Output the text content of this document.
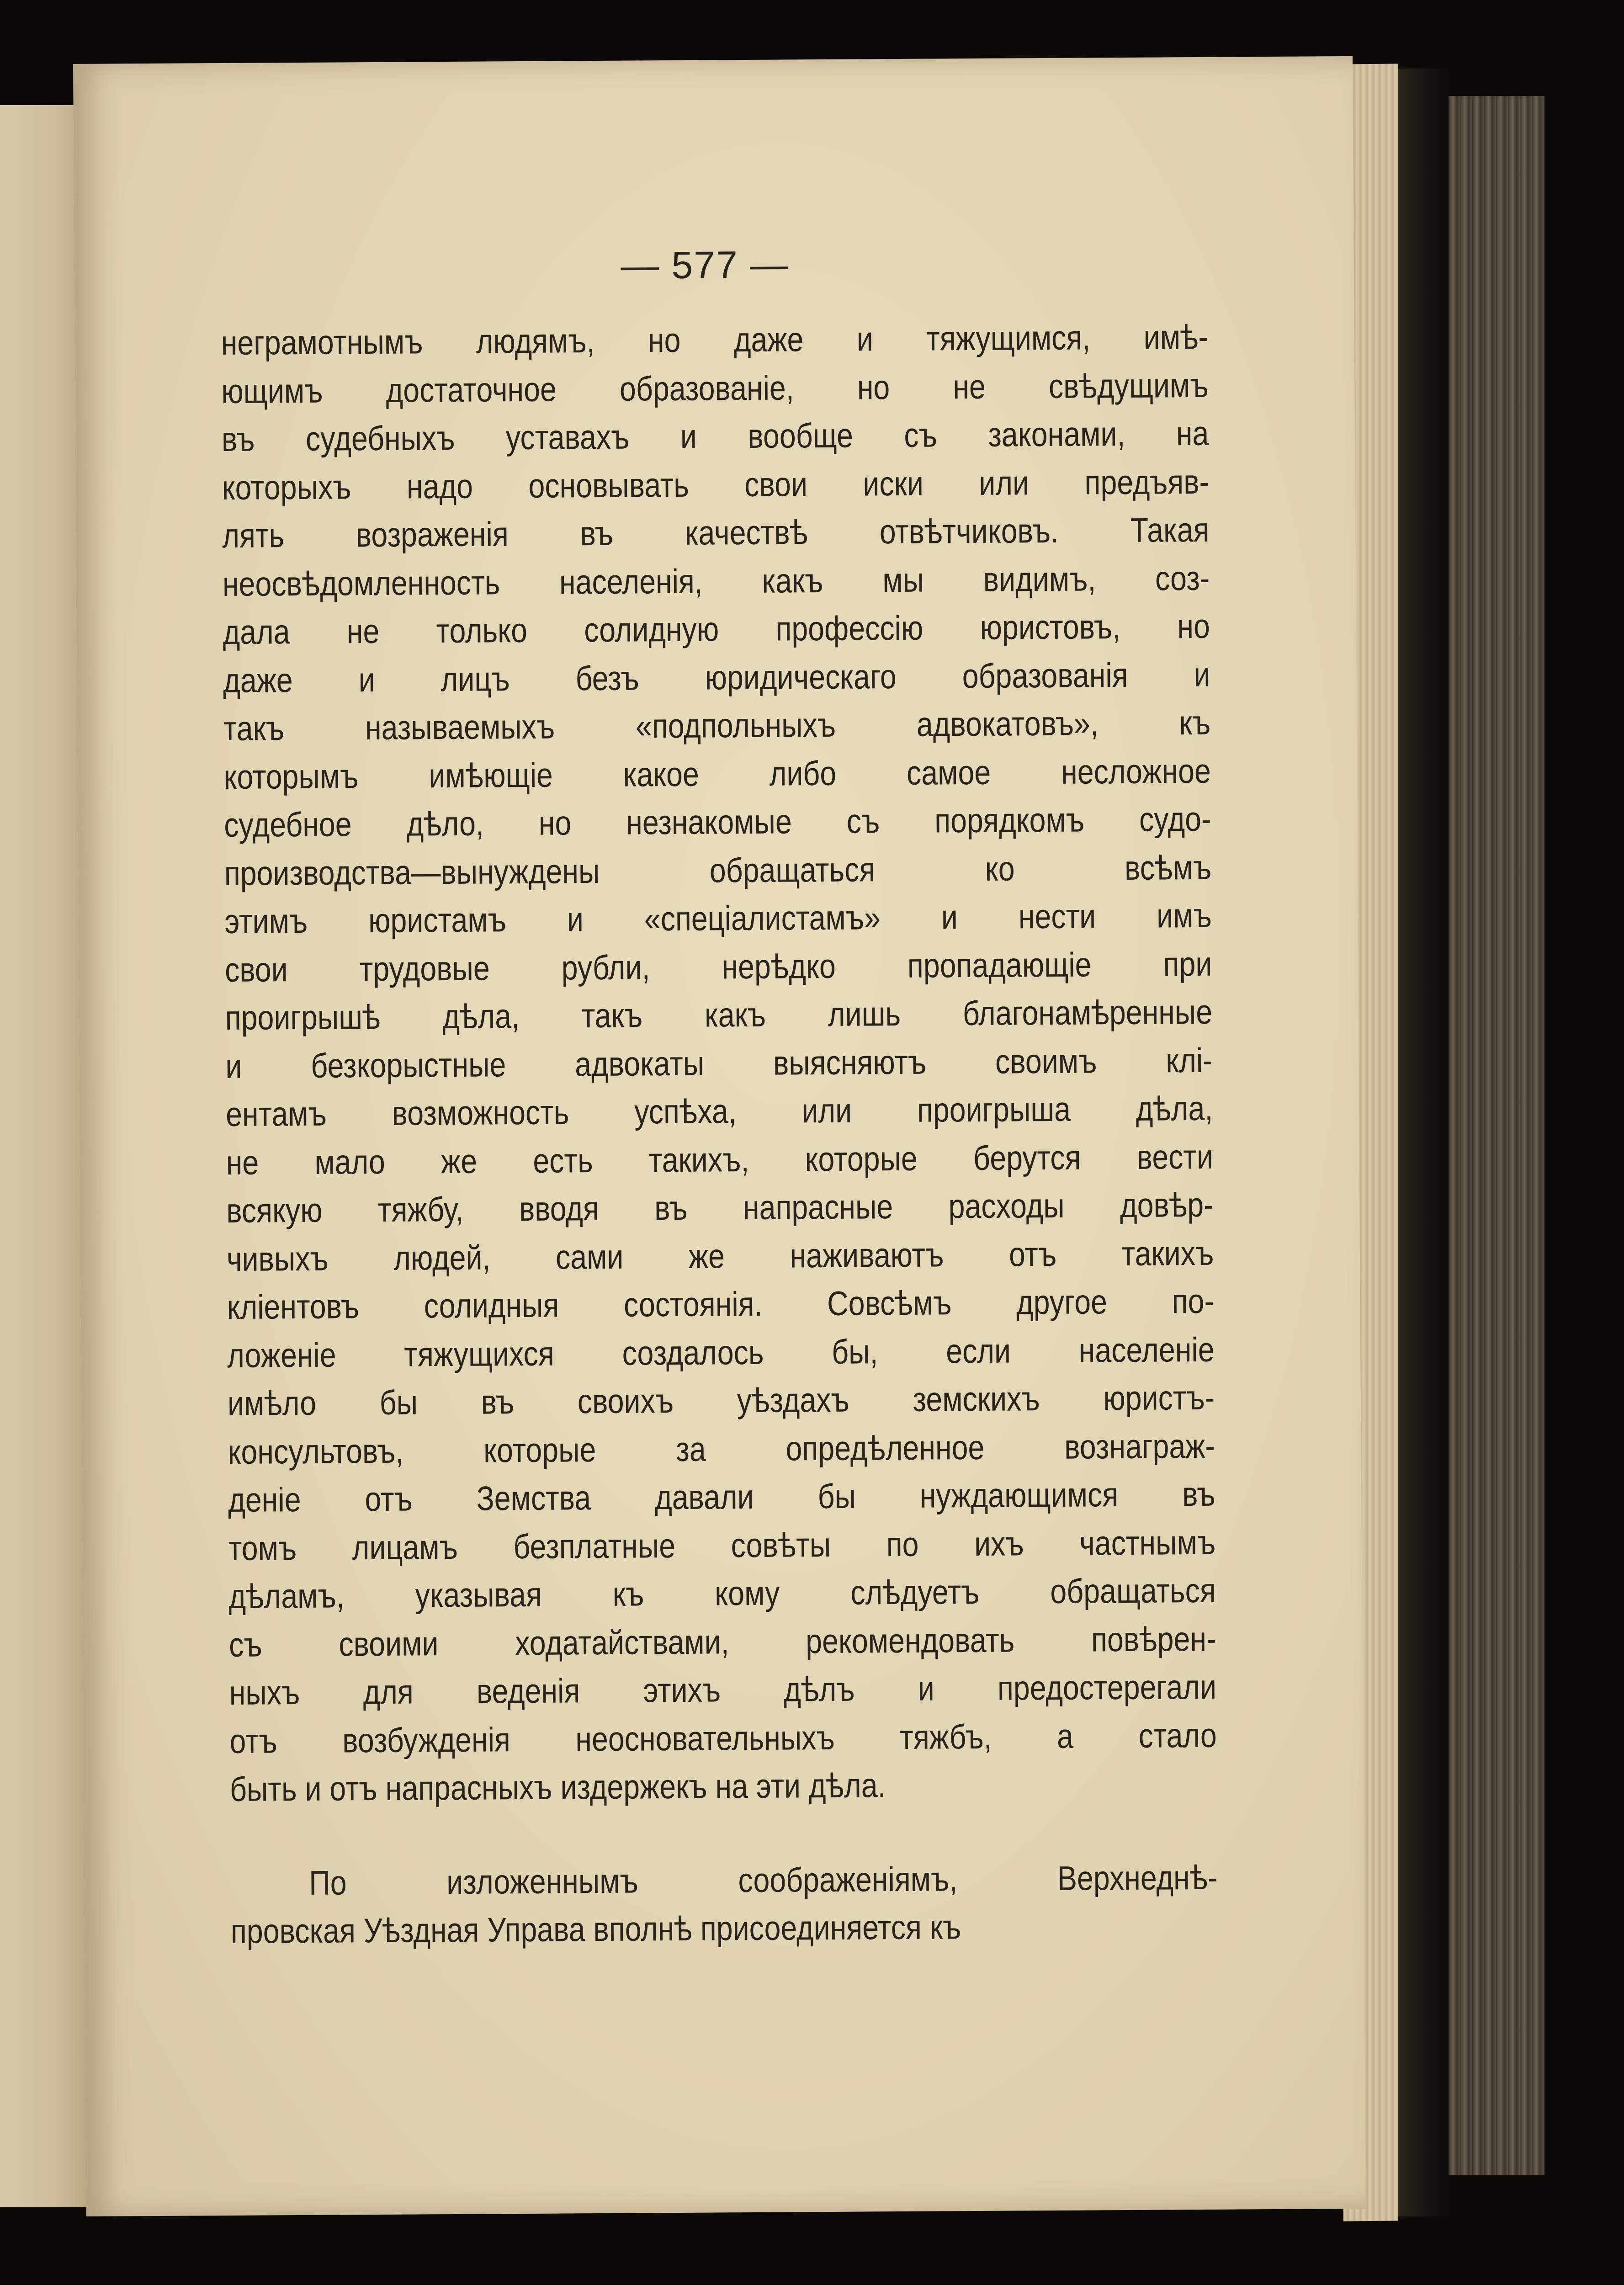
— 577 —
неграмотнымъ людямъ, но даже и тяжущимся, имѣ-
ющимъ достаточное образованіе, но не свѣдущимъ
въ судебныхъ уставахъ и вообще съ законами, на
которыхъ надо основывать свои иски или предъяв-
лять возраженія въ качествѣ отвѣтчиковъ. Такая
неосвѣдомленность населенія, какъ мы видимъ, соз-
дала не только солидную профессію юристовъ, но
даже и лицъ безъ юридическаго образованія и
такъ называемыхъ «подпольныхъ адвокатовъ», къ
которымъ имѣющіе какое либо самое несложное
судебное дѣло, но незнакомые съ порядкомъ судо-
производства—вынуждены обращаться ко всѣмъ
этимъ юристамъ и «спеціалистамъ» и нести имъ
свои трудовые рубли, нерѣдко пропадающіе при
проигрышѣ дѣла, такъ какъ лишь благонамѣренные
и безкорыстные адвокаты выясняютъ своимъ клі-
ентамъ возможность успѣха, или проигрыша дѣла,
не мало же есть такихъ, которые берутся вести
всякую тяжбу, вводя въ напрасные расходы довѣр-
чивыхъ людей, сами же наживаютъ отъ такихъ
кліентовъ солидныя состоянія. Совсѣмъ другое по-
ложеніе тяжущихся создалось бы, если населеніе
имѣло бы въ своихъ уѣздахъ земскихъ юристъ-
консультовъ, которые за опредѣленное вознаграж-
деніе отъ Земства давали бы нуждающимся въ
томъ лицамъ безплатные совѣты по ихъ частнымъ
дѣламъ, указывая къ кому слѣдуетъ обращаться
съ своими ходатайствами, рекомендовать повѣрен-
ныхъ для веденія этихъ дѣлъ и предостерегали
отъ возбужденія неосновательныхъ тяжбъ, а стало
быть и отъ напрасныхъ издержекъ на эти дѣла.
По изложеннымъ соображеніямъ, Верхнеднѣ-
провская Уѣздная Управа вполнѣ присоединяется къ
